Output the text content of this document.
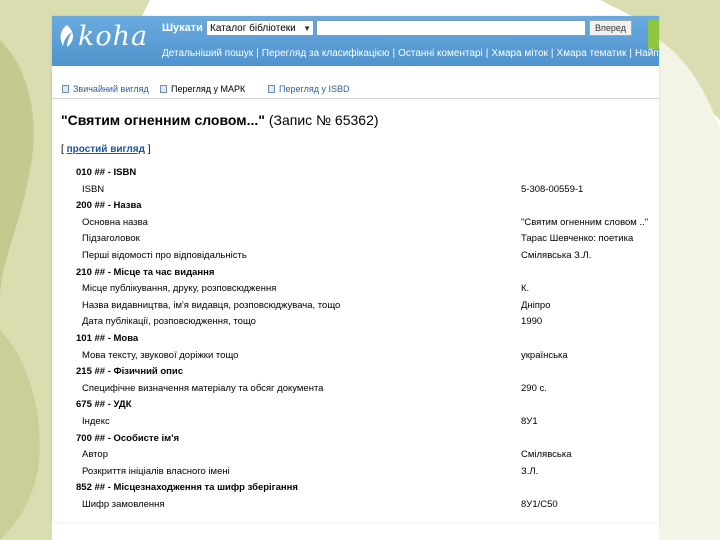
koha Шукати Каталог бібліотеки ▼	Вперед
Детальніший пошук | Перегляд за класифікацією | Останні коментарі | Хмара міток | Хмара тематик | Найп
Звичайний вигляд Перегляд у МАРК	Перегляд у ISBD
"Святим огненним словом..." (Запис № 65362)
[ простий вигляд ]
010 ## - ISBN
ISBN	5-308-00559-1
200 ## - Назва
Основна назва	"Святим огненним словом .."
Підзаголовок	Тарас Шевченко: поетика
Перші відомості про відповідальність	Смілявська З.Л.
210 ## - Місце та час видання
Місце публікування, друку, розповсюдження	К.
Назва видавництва, ім'я видавця, розповсюджувача, тощо	Дніпро
Дата публікації, розповсюдження, тощо	1990
101 ## - Мова
Мова тексту, звукової доріжки тощо	українська
215 ## - Фізичний опис
Специфічне визначення матеріалу та обсяг документа	290 с.
675 ## - УДК
Індекс	8У1
700 ## - Особисте ім'я
Автор	Смілявська
Розкриття ініціалів власного імені	З.Л.
852 ## - Місцезнаходження та шифр зберігання
Шифр замовлення	8У1/С50
